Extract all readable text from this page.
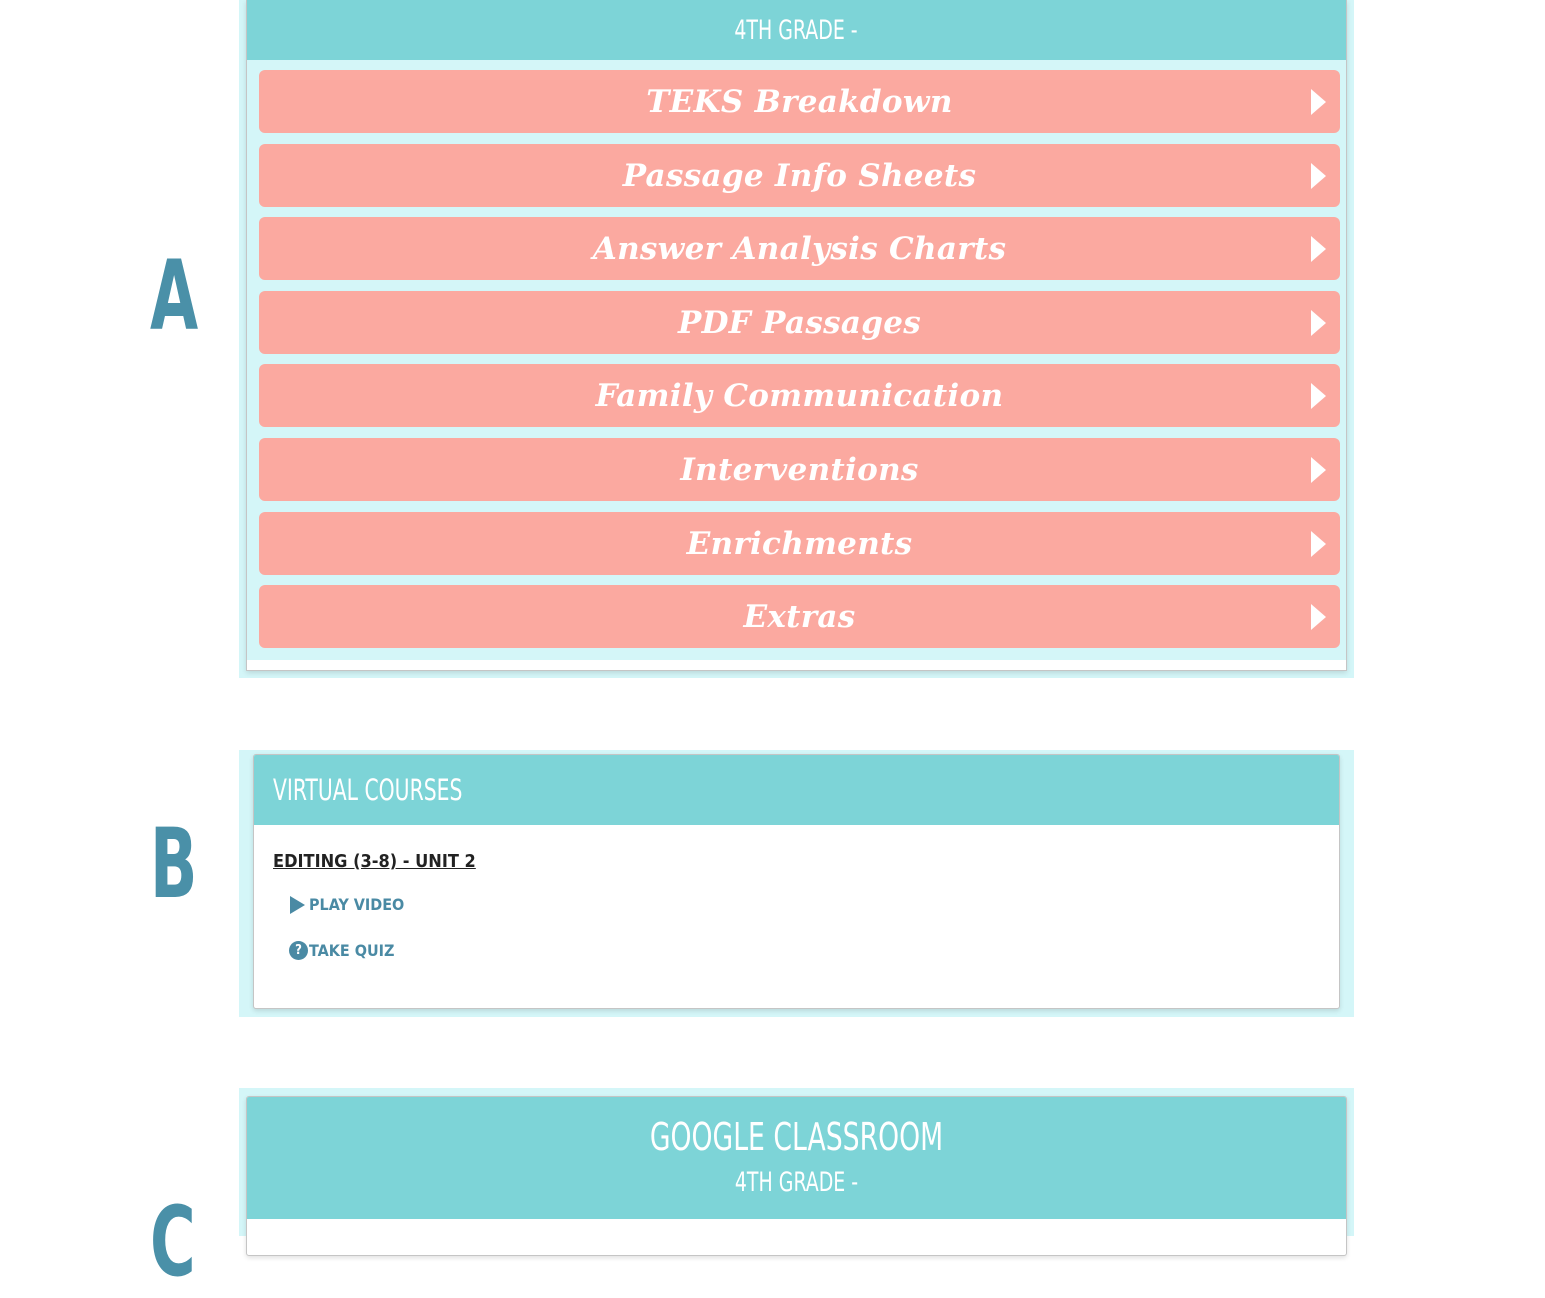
A
4TH GRADE -
TEKS Breakdown
Passage Info Sheets
Answer Analysis Charts
PDF Passages
Family Communication
Interventions
Enrichments
Extras
B
VIRTUAL COURSES
EDITING (3-8) - UNIT 2
PLAY VIDEO
? TAKE QUIZ
C
GOOGLE CLASSROOM
4TH GRADE -
